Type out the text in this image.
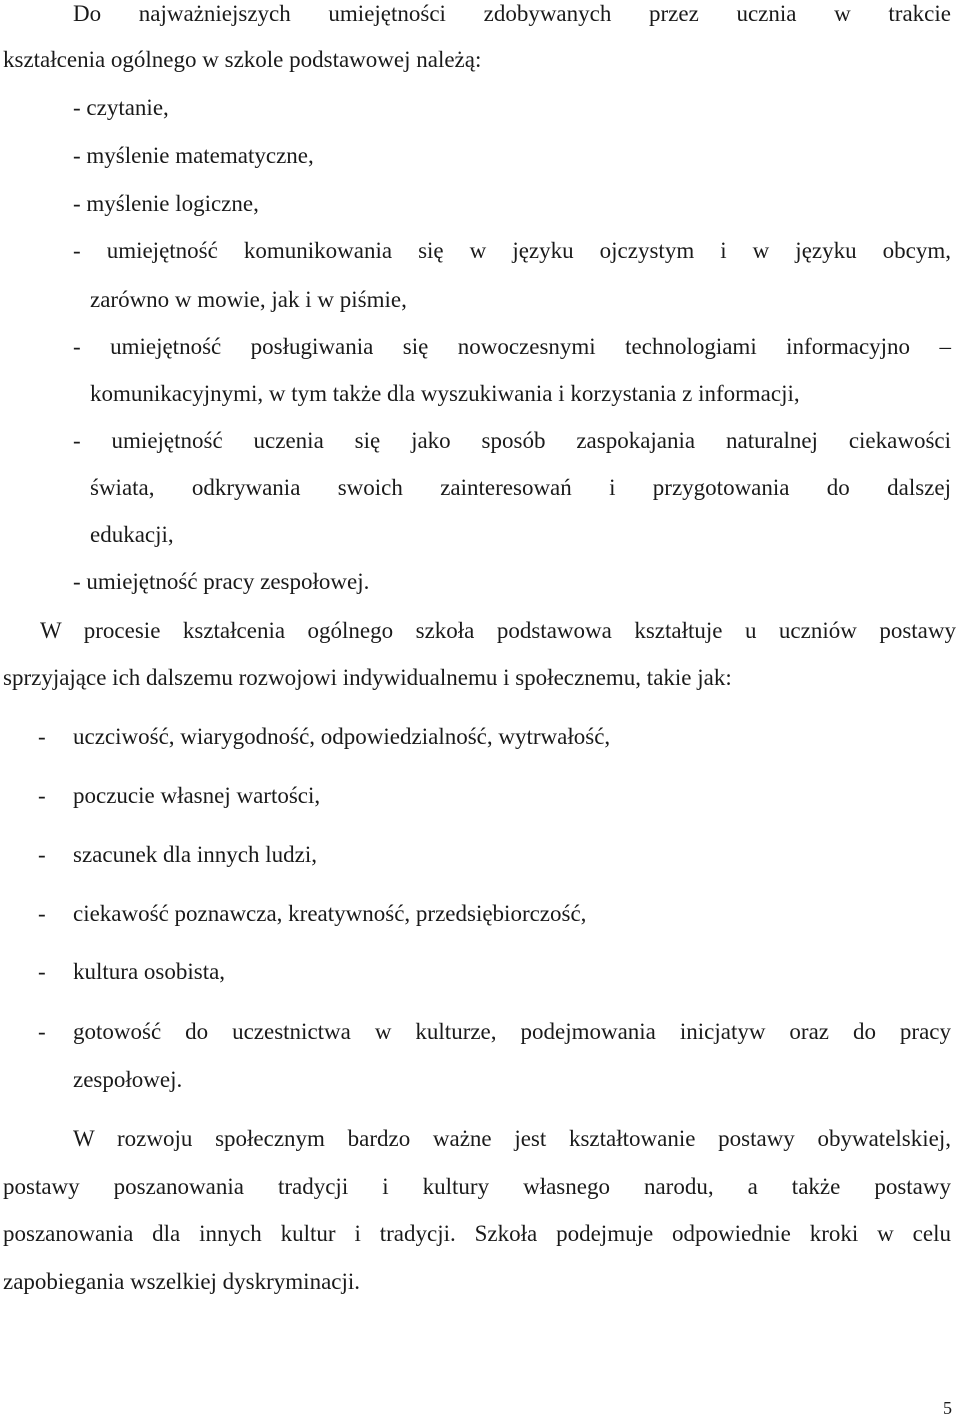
Do najważniejszych umiejętności zdobywanych przez ucznia w trakcie
kształcenia ogólnego w szkole podstawowej należą:
- czytanie,
- myślenie matematyczne,
- myślenie logiczne,
- umiejętność komunikowania się w języku ojczystym i w języku obcym,
zarówno w mowie, jak i w piśmie,
- umiejętność posługiwania się nowoczesnymi technologiami informacyjno –
komunikacyjnymi, w tym także dla wyszukiwania i korzystania z informacji,
- umiejętność uczenia się jako sposób zaspokajania naturalnej ciekawości
świata, odkrywania swoich zainteresowań i przygotowania do dalszej
edukacji,
- umiejętność pracy zespołowej.
W procesie kształcenia ogólnego szkoła podstawowa kształtuje u uczniów postawy
sprzyjające ich dalszemu rozwojowi indywidualnemu i społecznemu, takie jak:
- uczciwość, wiarygodność, odpowiedzialność, wytrwałość,
- poczucie własnej wartości,
- szacunek dla innych ludzi,
- ciekawość poznawcza, kreatywność, przedsiębiorczość,
- kultura osobista,
- gotowość do uczestnictwa w kulturze, podejmowania inicjatyw oraz do pracy
zespołowej.
W rozwoju społecznym bardzo ważne jest kształtowanie postawy obywatelskiej,
postawy poszanowania tradycji i kultury własnego narodu, a także postawy
poszanowania dla innych kultur i tradycji. Szkoła podejmuje odpowiednie kroki w celu
zapobiegania wszelkiej dyskryminacji.
5
